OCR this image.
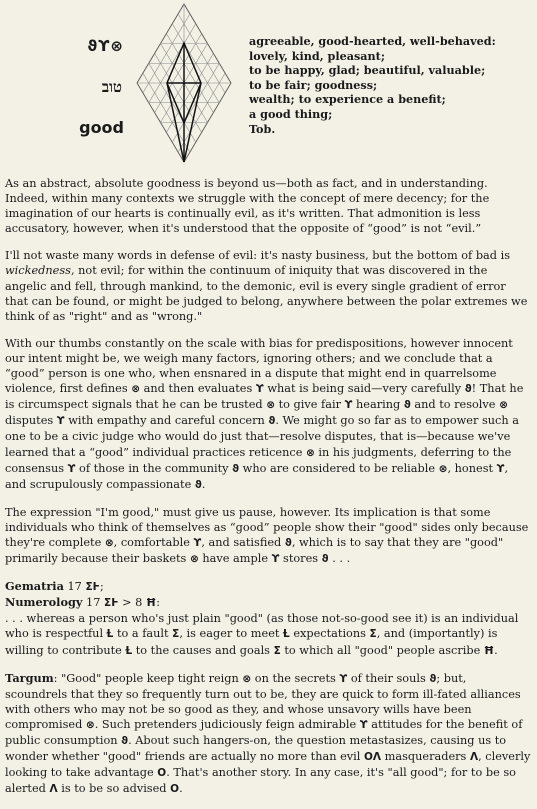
ϑϒ⊗
טוב
good
agreeable, good-hearted, well-behaved:
lovely, kind, pleasant;
to be happy, glad; beautiful, valuable;
to be fair; goodness;
wealth; to experience a benefit;
a good thing;
Tob.

As an abstract, absolute goodness is beyond us—both as fact, and in understanding. Indeed, within many contexts we struggle with the concept of mere decency; for the imagination of our hearts is continually evil, as it's written. That admonition is less accusatory, however, when it's understood that the opposite of “good” is not “evil.”

I'll not waste many words in defense of evil: it's nasty business, but the bottom of bad is wickedness, not evil; for within the continuum of iniquity that was discovered in the angelic and fell, through mankind, to the demonic, evil is every single gradient of error that can be found, or might be judged to belong, anywhere between the polar extremes we think of as "right" and as "wrong."

With our thumbs constantly on the scale with bias for predispositions, however innocent our intent might be, we weigh many factors, ignoring others; and we conclude that a “good” person is one who, when ensnared in a dispute that might end in quarrelsome violence, first defines ⊗ and then evaluates ϒ what is being said—very carefully ϑ! That he is circumspect signals that he can be trusted ⊗ to give fair ϒ hearing ϑ and to resolve ⊗ disputes ϒ with empathy and careful concern ϑ. We might go so far as to empower such a one to be a civic judge who would do just that—resolve disputes, that is—because we've learned that a “good” individual practices reticence ⊗ in his judgments, deferring to the consensus ϒ of those in the community ϑ who are considered to be reliable ⊗, honest ϒ, and scrupulously compassionate ϑ.

The expression "I'm good," must give us pause, however. Its implication is that some individuals who think of themselves as “good” people show their "good" sides only because they're complete ⊗, comfortable ϒ, and satisfied ϑ, which is to say that they are "good" primarily because their baskets ⊗ have ample ϒ stores ϑ . . .

Gematria 17 ΣⱵ;

Numerology 17 ΣⱵ > 8 Ħ:

. . . whereas a person who's just plain "good" (as those not-so-good see it) is an individual who is respectful Ɫ to a fault Σ, is eager to meet Ɫ expectations Σ, and (importantly) is willing to contribute Ɫ to the causes and goals Σ to which all "good" people ascribe Ħ.

Targum: "Good" people keep tight reign ⊗ on the secrets ϒ of their souls ϑ; but, scoundrels that they so frequently turn out to be, they are quick to form ill-fated alliances with others who may not be so good as they, and whose unsavory wills have been compromised ⊗. Such pretenders judiciously feign admirable ϒ attitudes for the benefit of public consumption ϑ. About such hangers-on, the question metastasizes, causing us to wonder whether "good" friends are actually no more than evil OɅ masqueraders Ʌ, cleverly looking to take advantage O. That's another story. In any case, it's "all good"; for to be so alerted Ʌ is to be so advised O.
